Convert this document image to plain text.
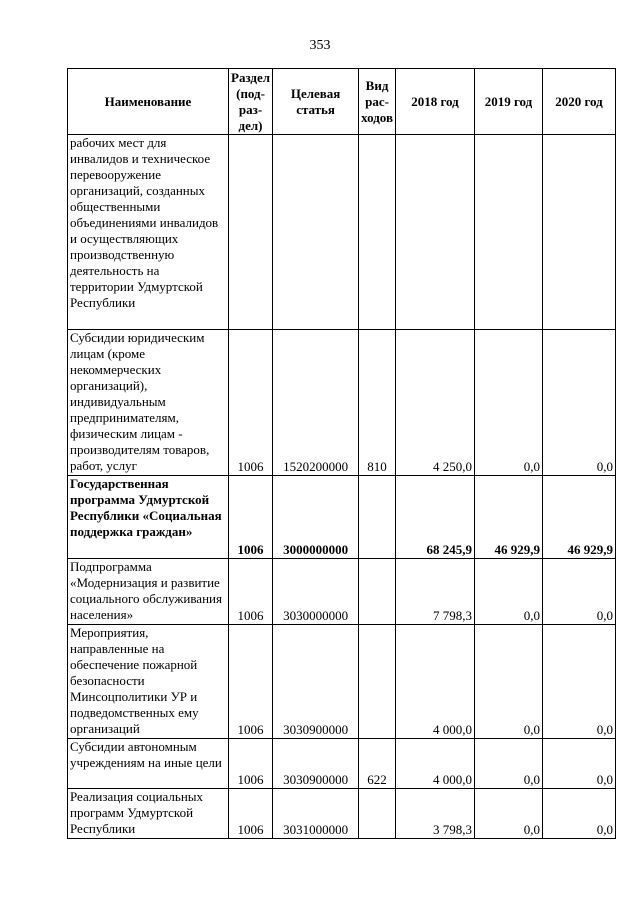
353
Наименование	Раздел (под-раз-дел)	Целевая статья	Вид рас-ходов	2018 год	2019 год	2020 год
рабочих мест для инвалидов и техническое перевооружение организаций, созданных общественными объединениями инвалидов и осуществляющих производственную деятельность на территории Удмуртской Республики						
Субсидии юридическим лицам (кроме некоммерческих организаций), индивидуальным предпринимателям, физическим лицам - производителям товаров, работ, услуг	1006	1520200000	810	4 250,0	0,0	0,0
Государственная программа Удмуртской Республики «Социальная поддержка граждан»	1006	3000000000		68 245,9	46 929,9	46 929,9
Подпрограмма «Модернизация и развитие социального обслуживания населения»	1006	3030000000		7 798,3	0,0	0,0
Мероприятия, направленные на обеспечение пожарной безопасности Минсоцполитики УР и подведомственных ему организаций	1006	3030900000		4 000,0	0,0	0,0
Субсидии автономным учреждениям на иные цели	1006	3030900000	622	4 000,0	0,0	0,0
Реализация социальных программ Удмуртской Республики	1006	3031000000		3 798,3	0,0	0,0
